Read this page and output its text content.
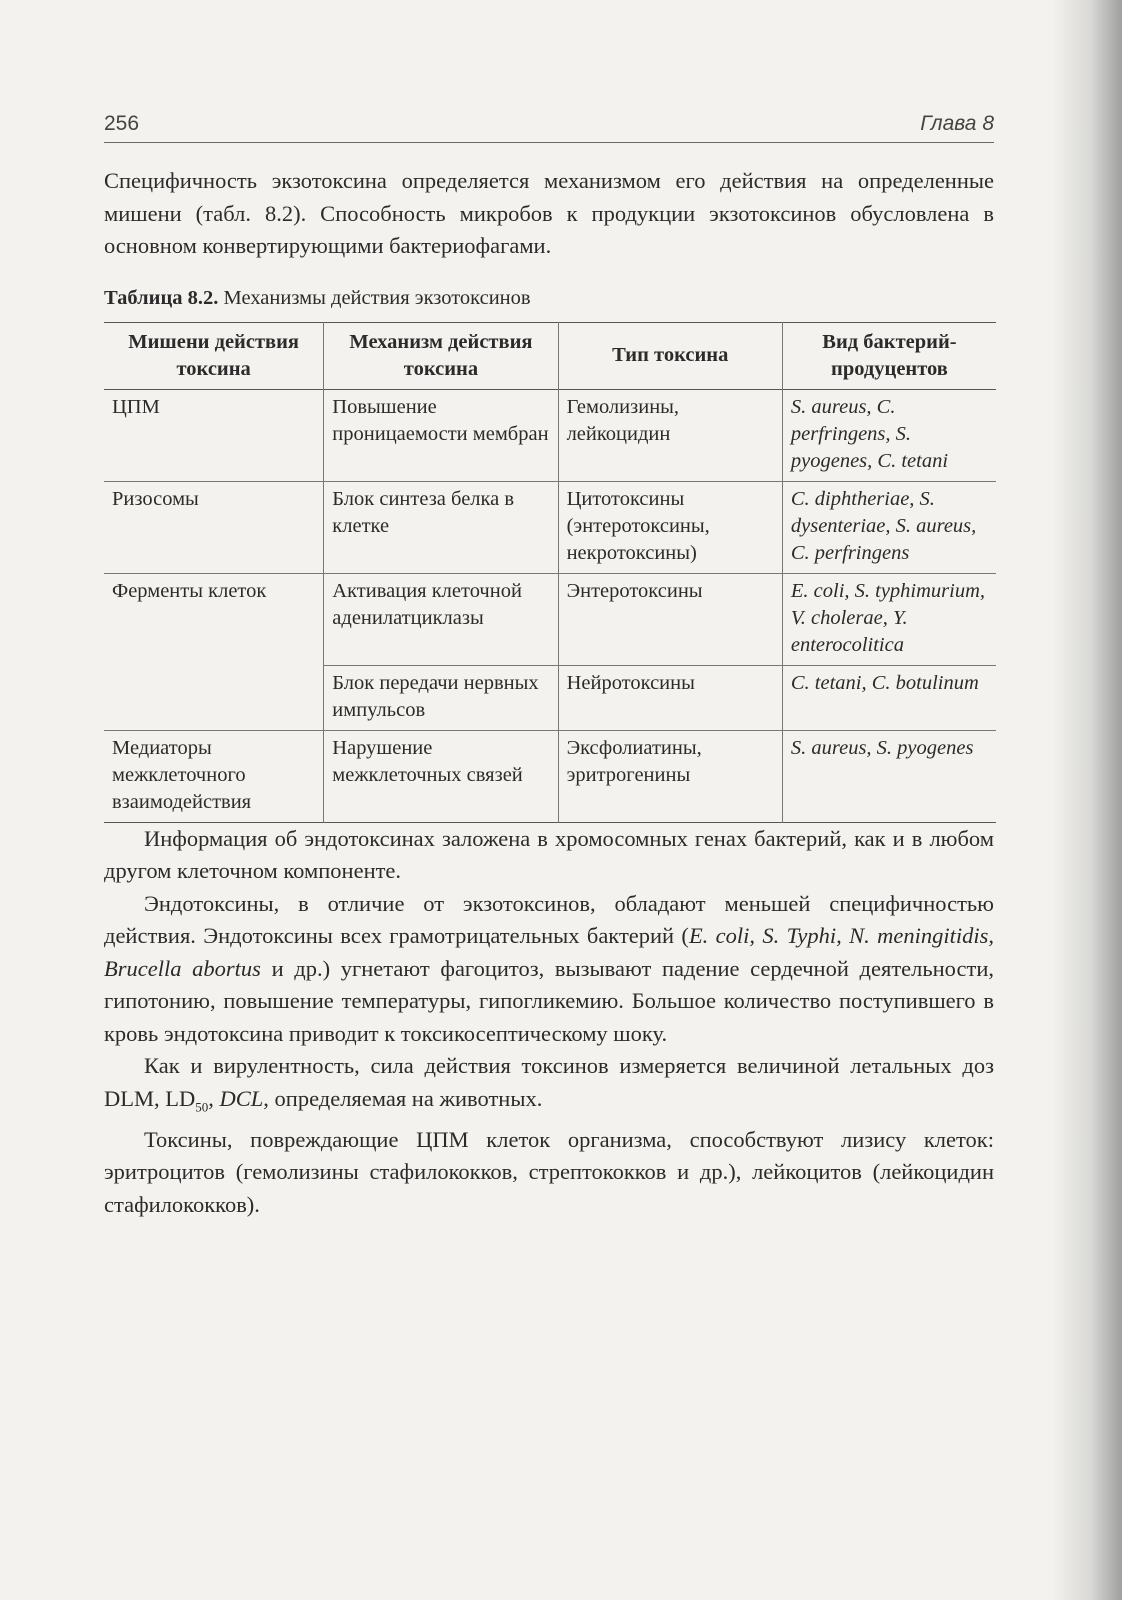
256	Глава 8

Специфичность экзотоксина определяется механизмом его действия на определенные мишени (табл. 8.2). Способность микробов к продукции экзотоксинов обусловлена в основном конвертирующими бактериофагами.

Таблица 8.2. Механизмы действия экзотоксинов
Мишени действия токсина	Механизм действия токсина	Тип токсина	Вид бактерий-продуцентов
ЦПМ	Повышение проницаемости мембран	Гемолизины, лейкоцидин	S. aureus, C. perfringens, S. pyogenes, C. tetani
Ризосомы	Блок синтеза белка в клетке	Цитотоксины (энтеротоксины, некротоксины)	C. diphtheriae, S. dysenteriae, S. aureus, C. perfringens
Ферменты клеток	Активация клеточной аденилатциклазы	Энтеротоксины	E. coli, S. typhimurium, V. cholerae, Y. enterocolitica
	Блок передачи нервных импульсов	Нейротоксины	C. tetani, C. botulinum
Медиаторы межклеточного взаимодействия	Нарушение межклеточных связей	Эксфолиатины, эритрогенины	S. aureus, S. pyogenes

Информация об эндотоксинах заложена в хромосомных генах бактерий, как и в любом другом клеточном компоненте.

Эндотоксины, в отличие от экзотоксинов, обладают меньшей специфичностью действия. Эндотоксины всех грамотрицательных бактерий (E. coli, S. Typhi, N. meningitidis, Brucella abortus и др.) угнетают фагоцитоз, вызывают падение сердечной деятельности, гипотонию, повышение температуры, гипогликемию. Большое количество поступившего в кровь эндотоксина приводит к токсикосептическому шоку.

Как и вирулентность, сила действия токсинов измеряется величиной летальных доз DLM, $LD_{50}$, DCL, определяемая на животных.

Токсины, повреждающие ЦПМ клеток организма, способствуют лизису клеток: эритроцитов (гемолизины стафилококков, стрептококков и др.), лейкоцитов (лейкоцидин стафилококков).
